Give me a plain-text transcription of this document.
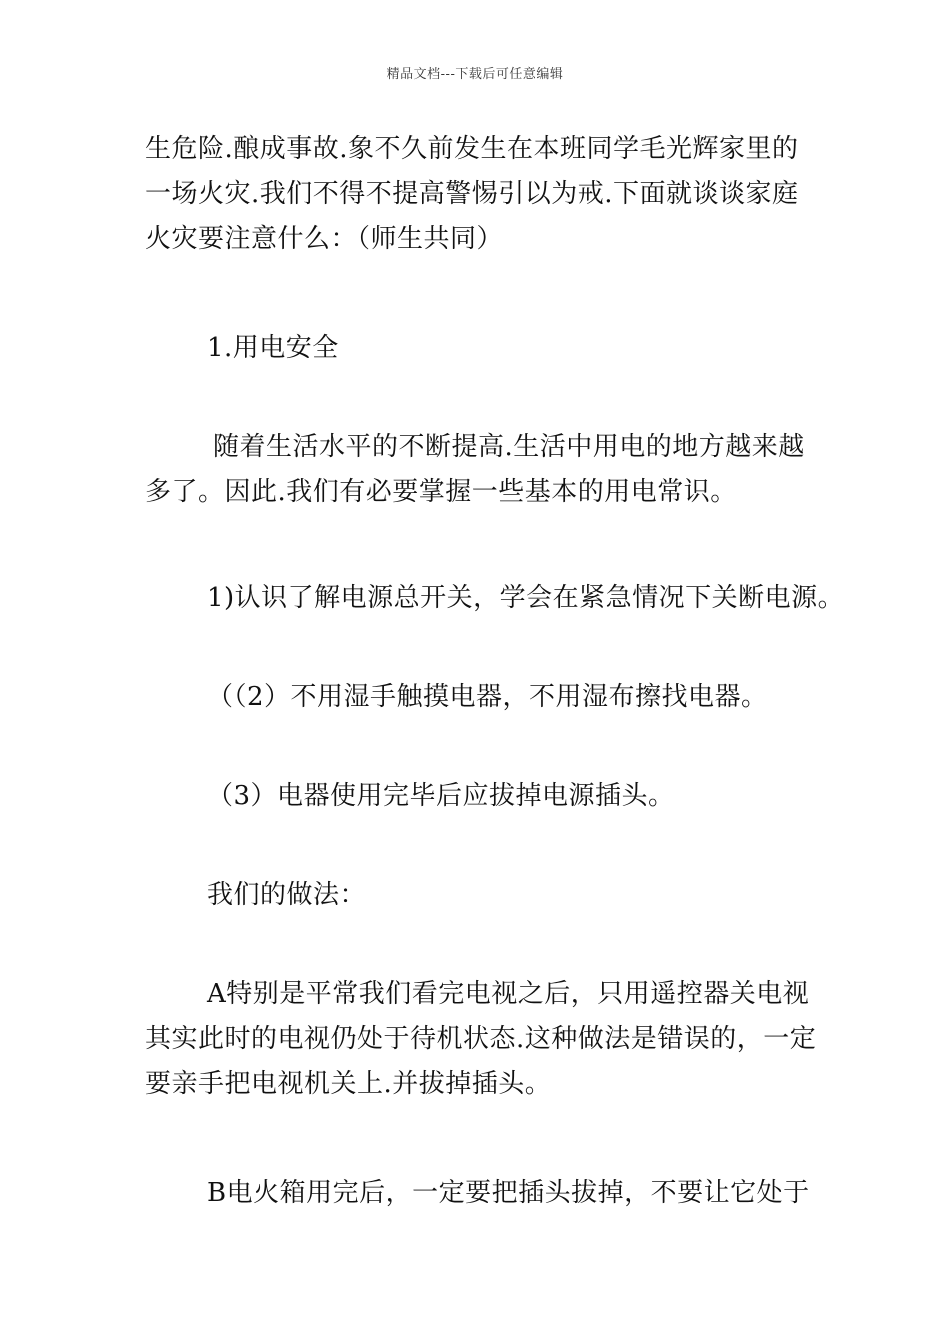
精品文档---下载后可任意编辑

生危险.酿成事故.象不久前发生在本班同学毛光辉家里的

一场火灾.我们不得不提高警惕引以为戒.下面就谈谈家庭

火灾要注意什么：（师生共同）

1.用电安全

随着生活水平的不断提高.生活中用电的地方越来越

多了。因此.我们有必要掌握一些基本的用电常识。

1)认识了解电源总开关，学会在紧急情况下关断电源。

（（2）不用湿手触摸电器，不用湿布擦找电器。

（3）电器使用完毕后应拔掉电源插头。

我们的做法：

A特别是平常我们看完电视之后，只用遥控器关电视

其实此时的电视仍处于待机状态.这种做法是错误的，一定

要亲手把电视机关上.并拔掉插头。

B电火箱用完后，一定要把插头拔掉，不要让它处于
